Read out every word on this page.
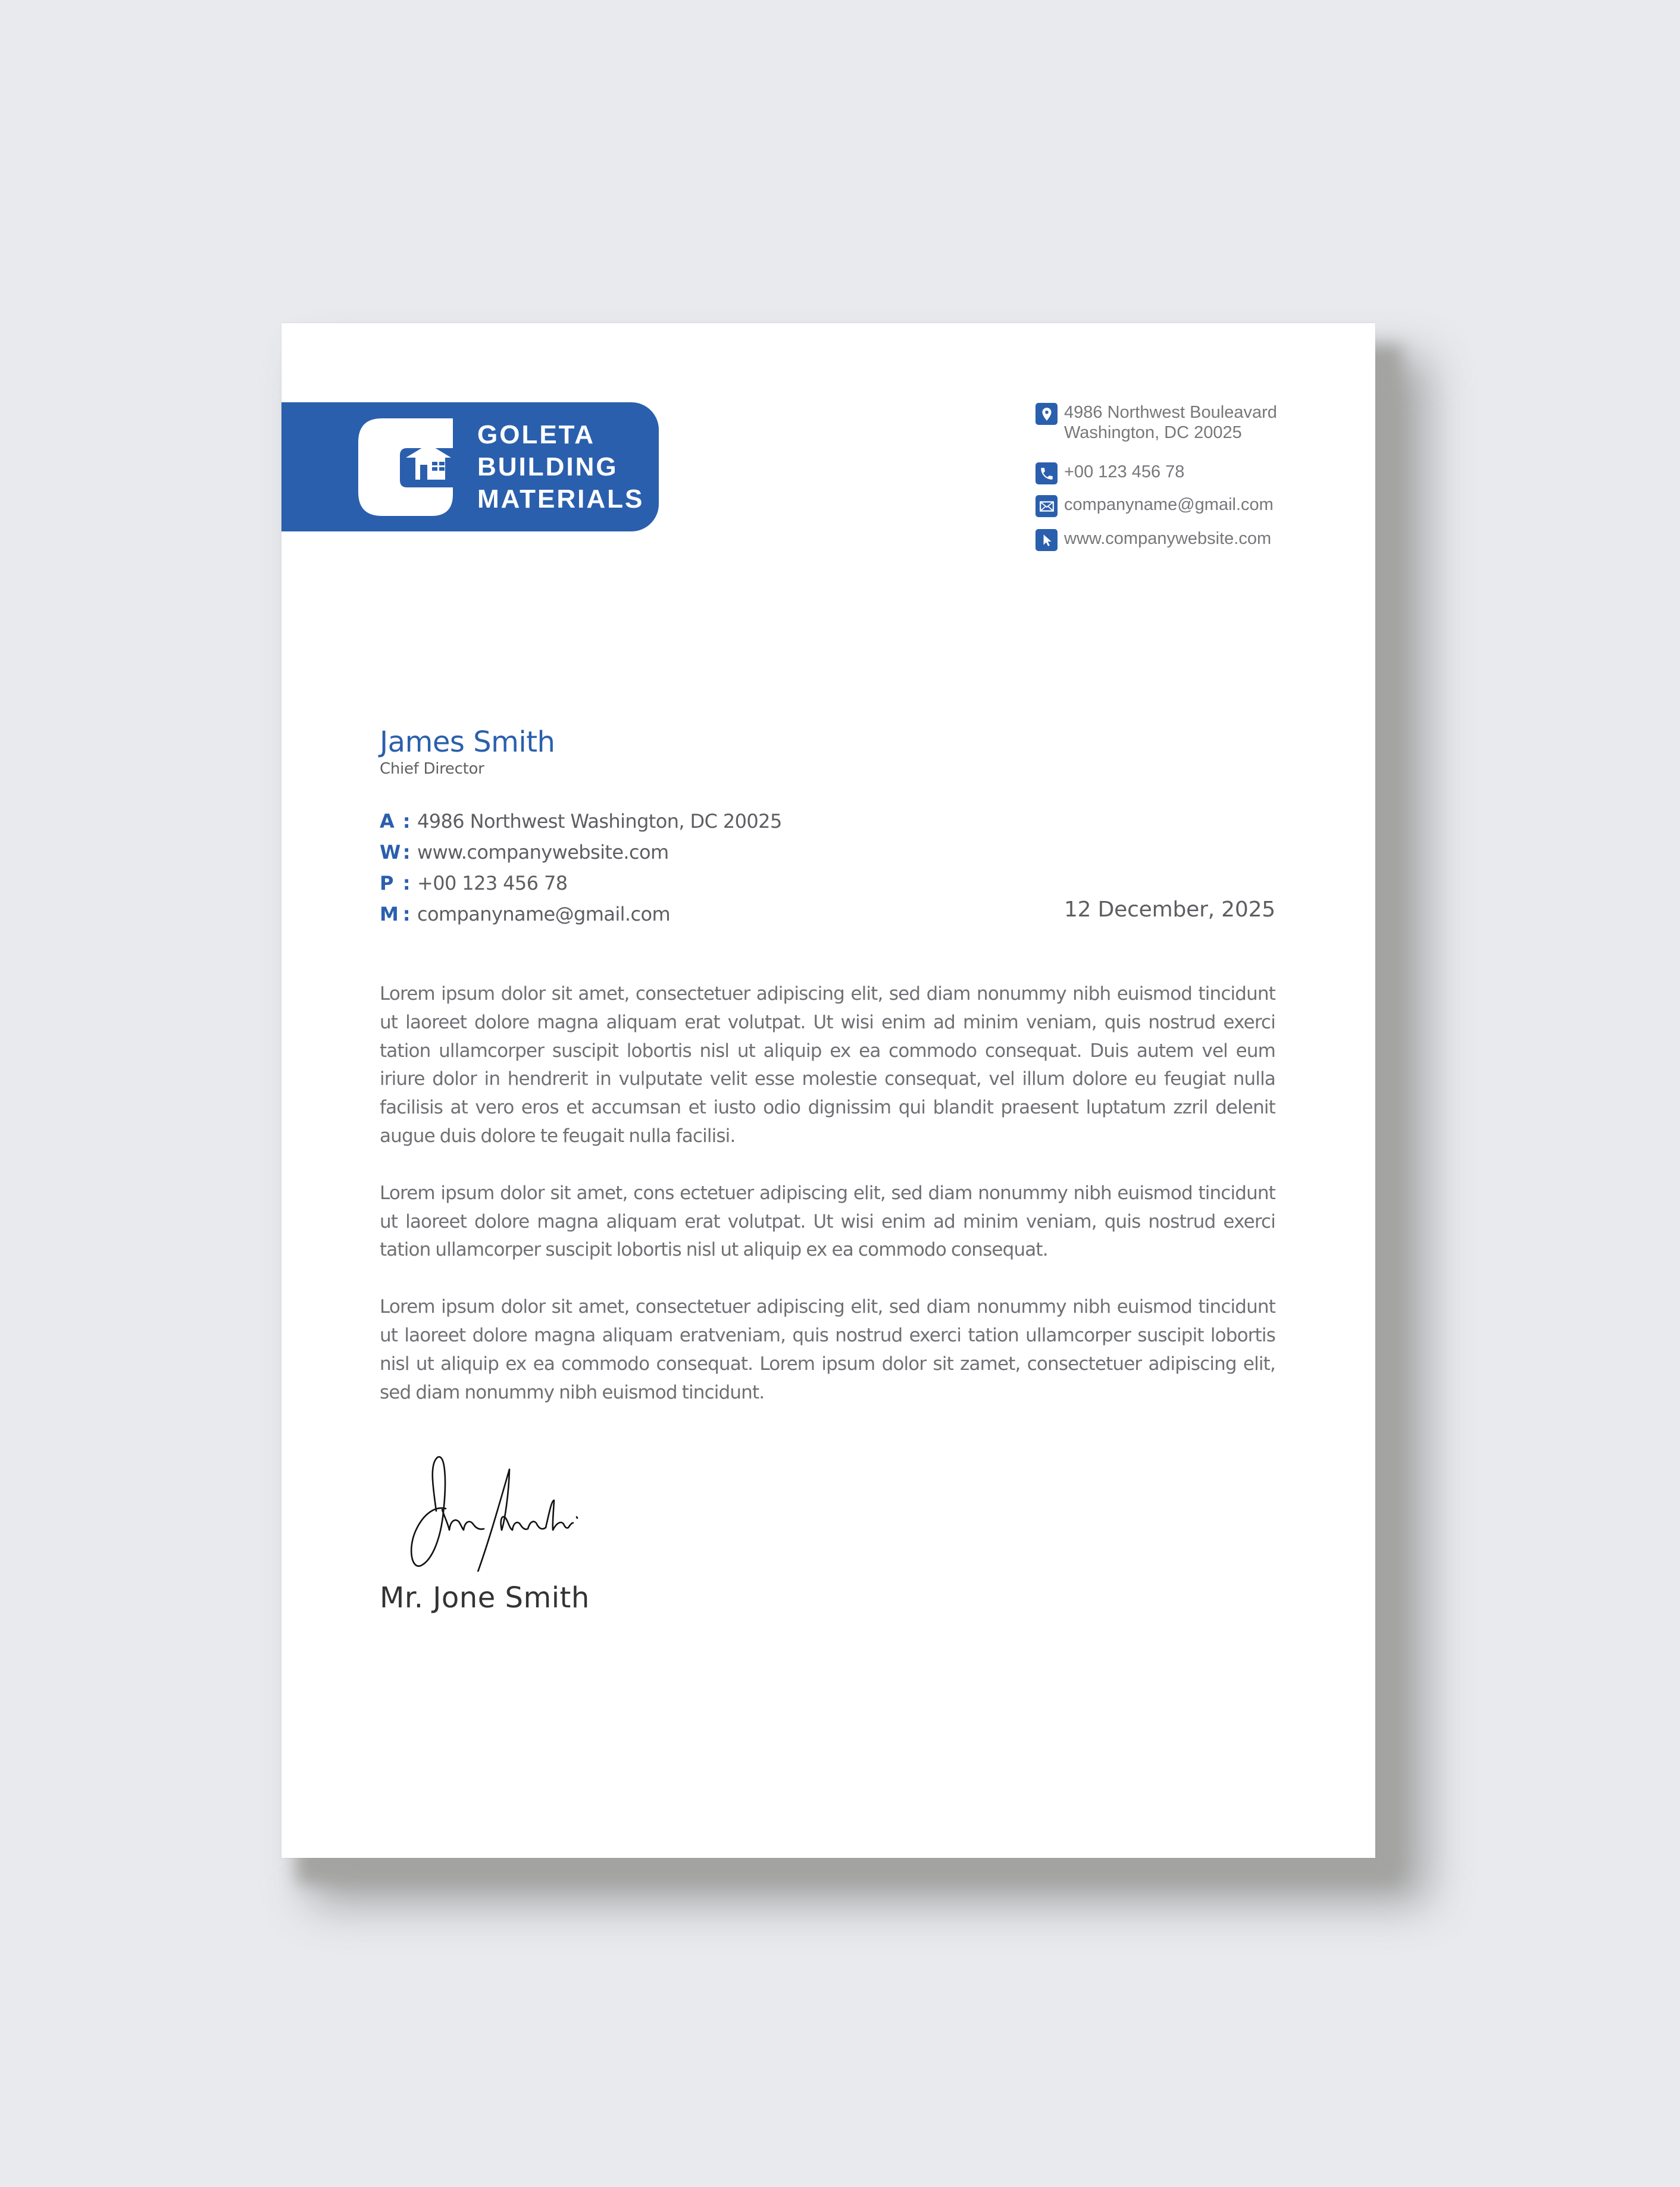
GOLETA
BUILDING
MATERIALS
4986 Northwest Bouleavard
Washington, DC 20025
+00 123 456 78
companyname@gmail.com
www.companywebsite.com
James Smith
Chief Director
A : 4986 Northwest Washington, DC 20025
W : www.companywebsite.com
P : +00 123 456 78
M : companyname@gmail.com	12 December, 2025

Lorem ipsum dolor sit amet, consectetuer adipiscing elit, sed diam nonummy nibh euismod tincidunt ut laoreet dolore magna aliquam erat volutpat. Ut wisi enim ad minim veniam, quis nostrud exerci tation ullamcorper suscipit lobortis nisl ut aliquip ex ea commodo consequat. Duis autem vel eum iriure dolor in hendrerit in vulputate velit esse molestie consequat, vel illum dolore eu feugiat nulla facilisis at vero eros et accumsan et iusto odio dignissim qui blandit praesent luptatum zzril delenit augue duis dolore te feugait nulla facilisi.

Lorem ipsum dolor sit amet, cons ectetuer adipiscing elit, sed diam nonummy nibh euismod tincidunt ut laoreet dolore magna aliquam erat volutpat. Ut wisi enim ad minim veniam, quis nostrud exerci tation ullamcorper suscipit lobortis nisl ut aliquip ex ea commodo consequat.

Lorem ipsum dolor sit amet, consectetuer adipiscing elit, sed diam nonummy nibh euismod tincidunt ut laoreet dolore magna aliquam eratveniam, quis nostrud exerci tation ullamcorper suscipit lobortis nisl ut aliquip ex ea commodo consequat. Lorem ipsum dolor sit zamet, consectetuer adipiscing elit, sed diam nonummy nibh euismod tincidunt.

Mr. Jone Smith
